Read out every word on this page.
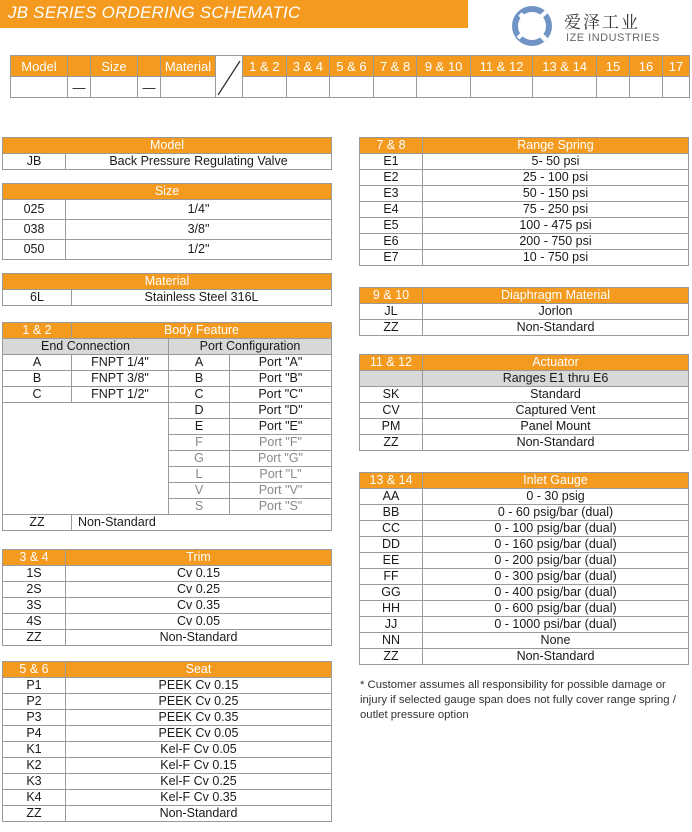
JB SERIES ORDERING SCHEMATIC
爱泽工业
IZE INDUSTRIES
Model		Size		Material		1 & 2	3 & 4	5 & 6	7 & 8	9 & 10	11 & 12	13 & 14	15	16	17
	—		—												
Model
JB	Back Pressure Regulating Valve
Size	
025	1/4"
038	3/8"
050	1/2"
Material
6L	Stainless Steel 316L
1 & 2	Body Feature		
End Connection		Port Configuration	
A	FNPT 1/4"	A	Port "A"
B	FNPT 3/8"	B	Port "B"
C	FNPT 1/2"	C	Port "C"
		D	Port "D"
		E	Port "E"
		F	Port "F"
		G	Port "G"
		L	Port "L"
		V	Port "V"
		S	Port "S"
ZZ	Non-Standard		
3 & 4	Trim
1S	Cv 0.15
2S	Cv 0.25
3S	Cv 0.35
4S	Cv 0.05
ZZ	Non-Standard
5 & 6	Seat
P1	PEEK Cv 0.15
P2	PEEK Cv 0.25
P3	PEEK Cv 0.35
P4	PEEK Cv 0.05
K1	Kel-F Cv 0.05
K2	Kel-F Cv 0.15
K3	Kel-F Cv 0.25
K4	Kel-F Cv 0.35
ZZ	Non-Standard
7 & 8	Range Spring
E1	5- 50 psi
E2	25 - 100 psi
E3	50 - 150 psi
E4	75 - 250 psi
E5	100 - 475 psi
E6	200 - 750 psi
E7	10 - 750 psi
9 & 10	Diaphragm Material
JL	Jorlon
ZZ	Non-Standard
11 & 12	Actuator
	Ranges E1 thru E6
SK	Standard
CV	Captured Vent
PM	Panel Mount
ZZ	Non-Standard
13 & 14	Inlet Gauge
AA	0 - 30 psig
BB	0 - 60 psig/bar (dual)
CC	0 - 100 psig/bar (dual)
DD	0 - 160 psig/bar (dual)
EE	0 - 200 psig/bar (dual)
FF	0 - 300 psig/bar (dual)
GG	0 - 400 psig/bar (dual)
HH	0 - 600 psig/bar (dual)
JJ	0 - 1000 psi/bar (dual)
NN	None
ZZ	Non-Standard
* Customer assumes all responsibility for possible damage or injury if selected gauge span does not fully cover range spring / outlet pressure option
